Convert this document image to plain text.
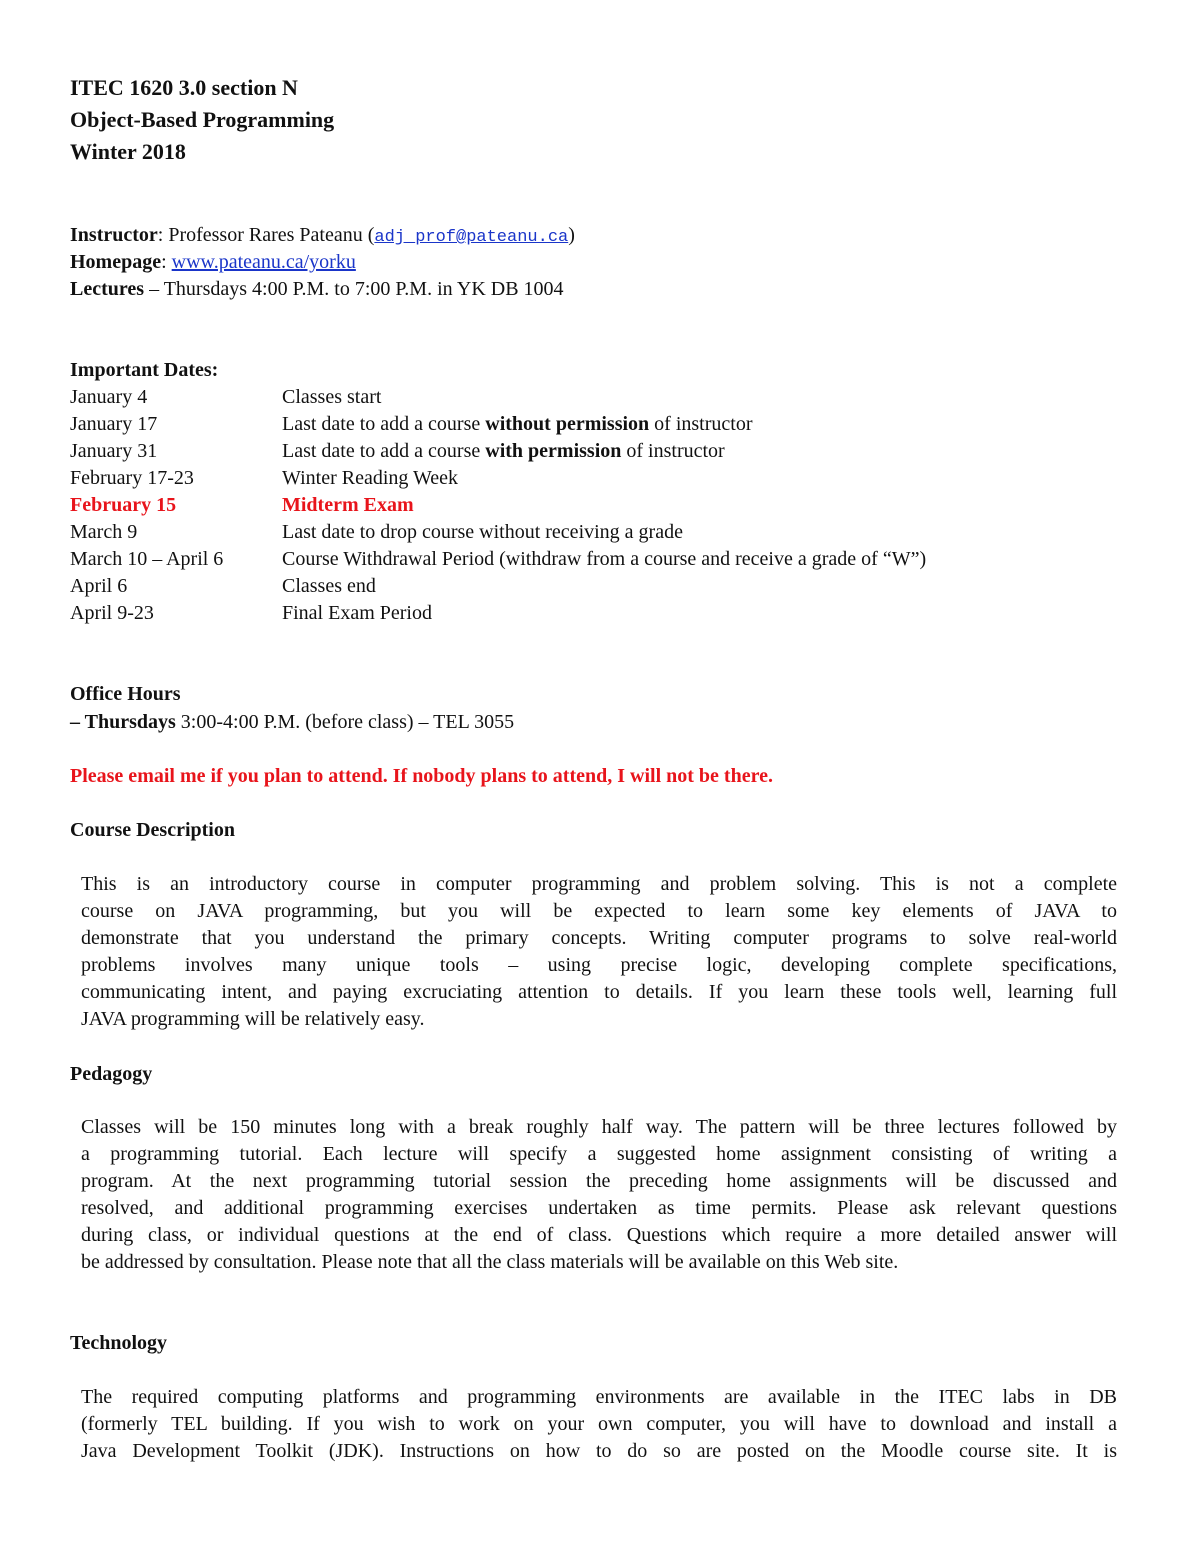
ITEC 1620 3.0 section N
Object-Based Programming
Winter 2018
Instructor: Professor Rares Pateanu (adj_prof@pateanu.ca)
Homepage: www.pateanu.ca/yorku
Lectures – Thursdays 4:00 P.M. to 7:00 P.M. in YK DB 1004
Important Dates:
January 4	Classes start
January 17	Last date to add a course without permission of instructor
January 31	Last date to add a course with permission of instructor
February 17-23	Winter Reading Week
February 15	Midterm Exam
March 9	Last date to drop course without receiving a grade
March 10 – April 6	Course Withdrawal Period (withdraw from a course and receive a grade of “W”)
April 6	Classes end
April 9-23	Final Exam Period
Office Hours
– Thursdays 3:00-4:00 P.M. (before class) – TEL 3055
Please email me if you plan to attend. If nobody plans to attend, I will not be there.
Course Description
This is an introductory course in computer programming and problem solving. This is not a complete
course on JAVA programming, but you will be expected to learn some key elements of JAVA to
demonstrate that you understand the primary concepts. Writing computer programs to solve real-world
problems involves many unique tools – using precise logic, developing complete specifications,
communicating intent, and paying excruciating attention to details. If you learn these tools well, learning full
JAVA programming will be relatively easy.
Pedagogy
Classes will be 150 minutes long with a break roughly half way. The pattern will be three lectures followed by
a programming tutorial. Each lecture will specify a suggested home assignment consisting of writing a
program. At the next programming tutorial session the preceding home assignments will be discussed and
resolved, and additional programming exercises undertaken as time permits. Please ask relevant questions
during class, or individual questions at the end of class. Questions which require a more detailed answer will
be addressed by consultation. Please note that all the class materials will be available on this Web site.
Technology
The required computing platforms and programming environments are available in the ITEC labs in DB
(formerly TEL building. If you wish to work on your own computer, you will have to download and install a
Java Development Toolkit (JDK). Instructions on how to do so are posted on the Moodle course site. It is
